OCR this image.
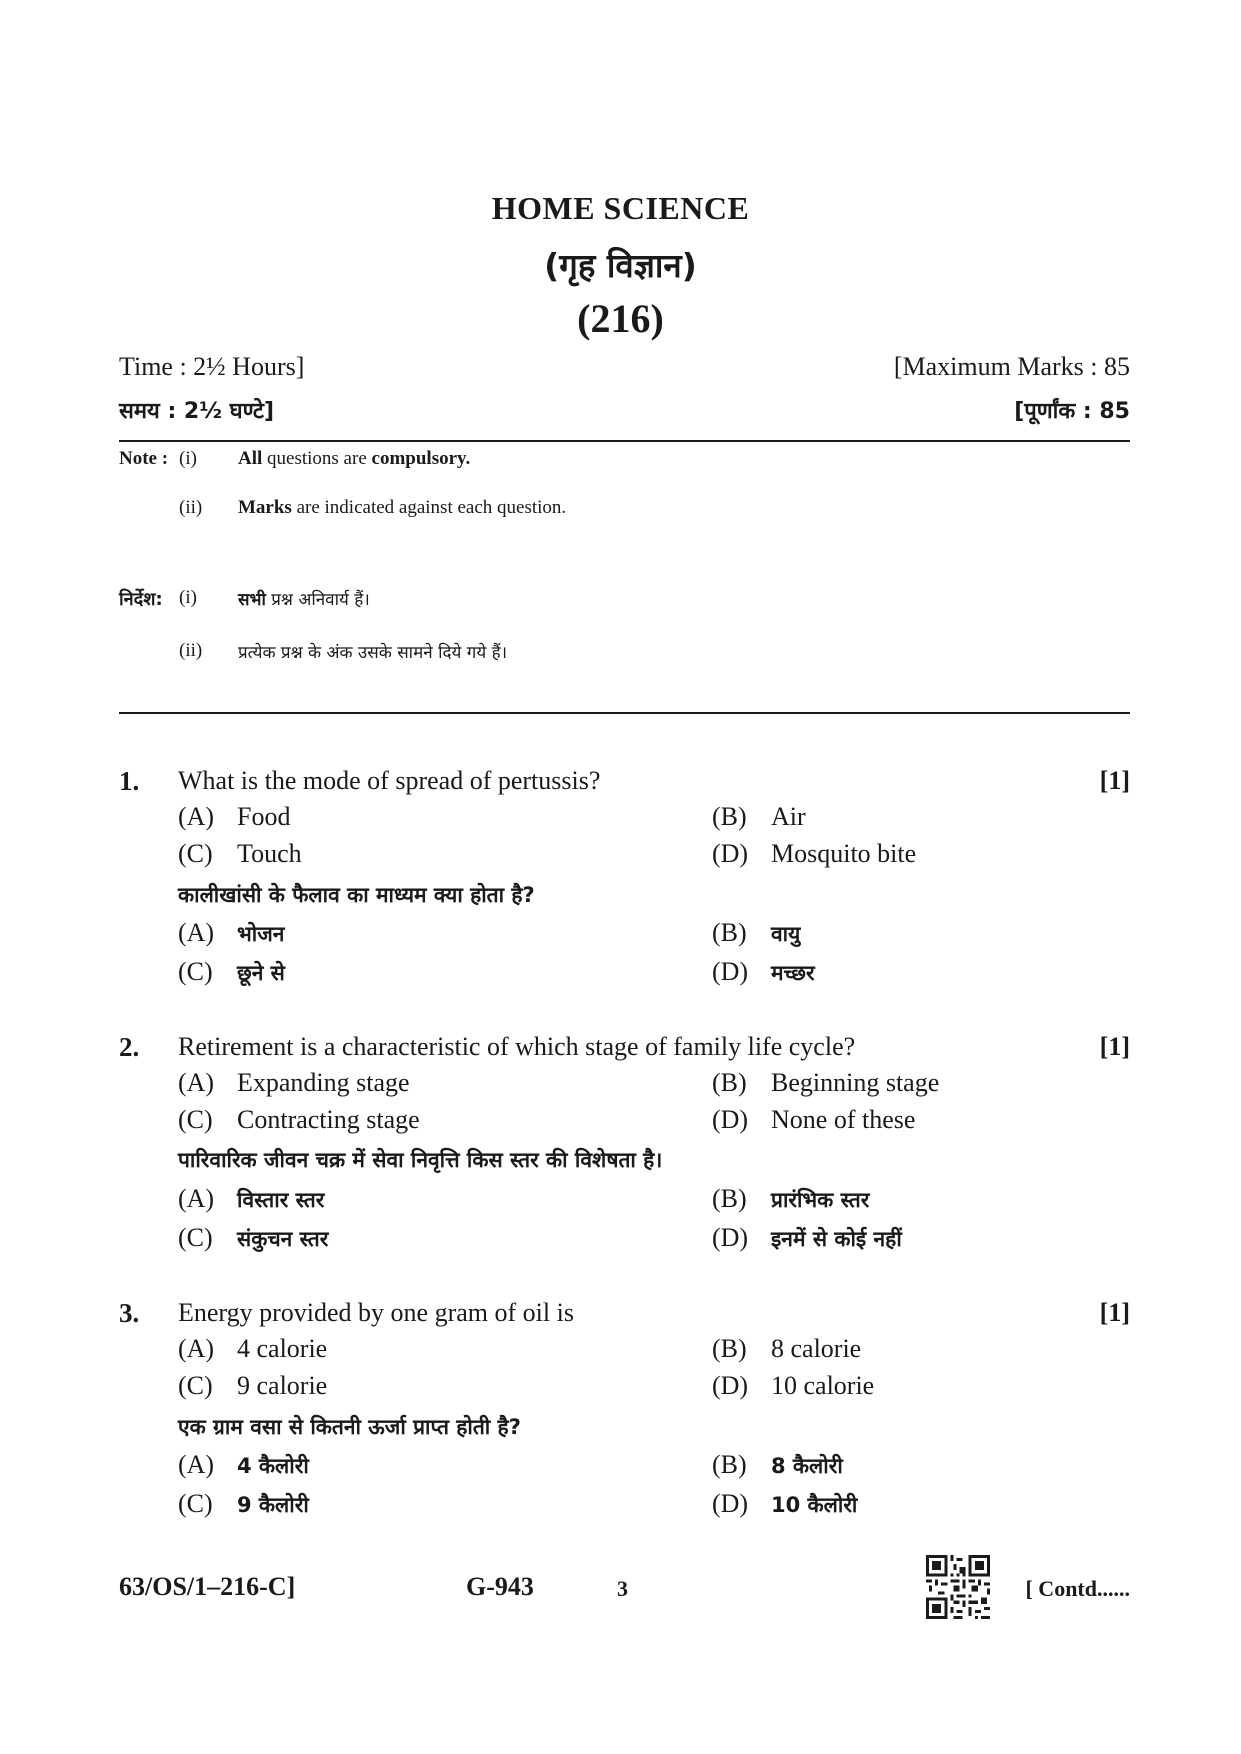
HOME SCIENCE
(गृह विज्ञान)
(216)
Time : 2½ Hours]	[Maximum Marks : 85
समय : 2½ घण्टे]	[पूर्णांक : 85
Note : (i) All questions are compulsory.
(ii) Marks are indicated against each question.
निर्देश: (i) सभी प्रश्न अनिवार्य हैं।
(ii) प्रत्येक प्रश्न के अंक उसके सामने दिये गये हैं।
1. What is the mode of spread of pertussis?	[1]
(A) Food	(B) Air
(C) Touch	(D) Mosquito bite
कालीखांसी के फैलाव का माध्यम क्या होता है?
(A) भोजन	(B) वायु
(C) छूने से	(D) मच्छर
2. Retirement is a characteristic of which stage of family life cycle?	[1]
(A) Expanding stage	(B) Beginning stage
(C) Contracting stage	(D) None of these
पारिवारिक जीवन चक्र में सेवा निवृत्ति किस स्तर की विशेषता है।
(A) विस्तार स्तर	(B) प्रारंभिक स्तर
(C) संकुचन स्तर	(D) इनमें से कोई नहीं
3. Energy provided by one gram of oil is	[1]
(A) 4 calorie	(B) 8 calorie
(C) 9 calorie	(D) 10 calorie
एक ग्राम वसा से कितनी ऊर्जा प्राप्त होती है?
(A) 4 कैलोरी	(B) 8 कैलोरी
(C) 9 कैलोरी	(D) 10 कैलोरी
63/OS/1–216-C]	G-943	3	[ Contd......
